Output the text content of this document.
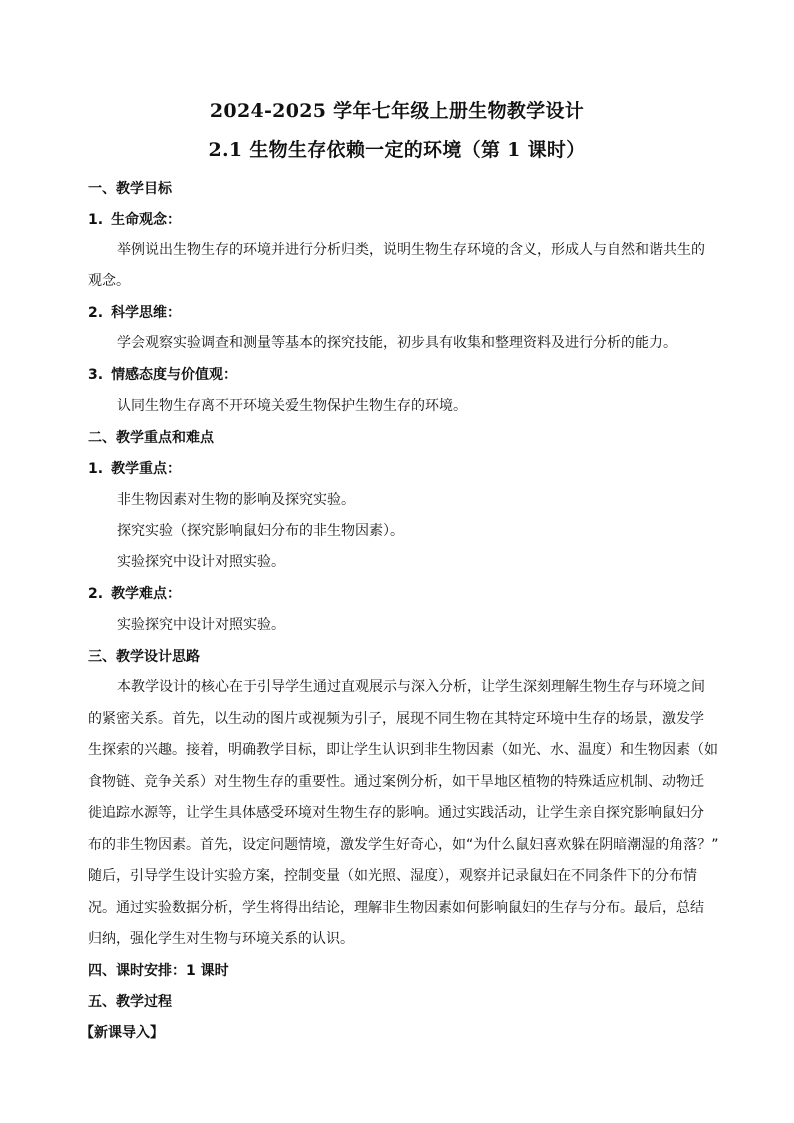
2024-2025 学年七年级上册生物教学设计
2.1 生物生存依赖一定的环境（第 1 课时）
一、教学目标
1. 生命观念：
举例说出生物生存的环境并进行分析归类，说明生物生存环境的含义，形成人与自然和谐共生的
观念。
2. 科学思维：
学会观察实验调查和测量等基本的探究技能，初步具有收集和整理资料及进行分析的能力。
3. 情感态度与价值观：
认同生物生存离不开环境关爱生物保护生物生存的环境。
二、教学重点和难点
1. 教学重点：
非生物因素对生物的影响及探究实验。
探究实验（探究影响鼠妇分布的非生物因素）。
实验探究中设计对照实验。
2. 教学难点：
实验探究中设计对照实验。
三、教学设计思路
本教学设计的核心在于引导学生通过直观展示与深入分析，让学生深刻理解生物生存与环境之间
的紧密关系。首先，以生动的图片或视频为引子，展现不同生物在其特定环境中生存的场景，激发学
生探索的兴趣。接着，明确教学目标，即让学生认识到非生物因素（如光、水、温度）和生物因素（如
食物链、竞争关系）对生物生存的重要性。通过案例分析，如干旱地区植物的特殊适应机制、动物迁
徙追踪水源等，让学生具体感受环境对生物生存的影响。通过实践活动，让学生亲自探究影响鼠妇分
布的非生物因素。首先，设定问题情境，激发学生好奇心，如“为什么鼠妇喜欢躲在阴暗潮湿的角落？”
随后，引导学生设计实验方案，控制变量（如光照、湿度），观察并记录鼠妇在不同条件下的分布情
况。通过实验数据分析，学生将得出结论，理解非生物因素如何影响鼠妇的生存与分布。最后，总结
归纳，强化学生对生物与环境关系的认识。
四、课时安排：1 课时
五、教学过程
【新课导入】
